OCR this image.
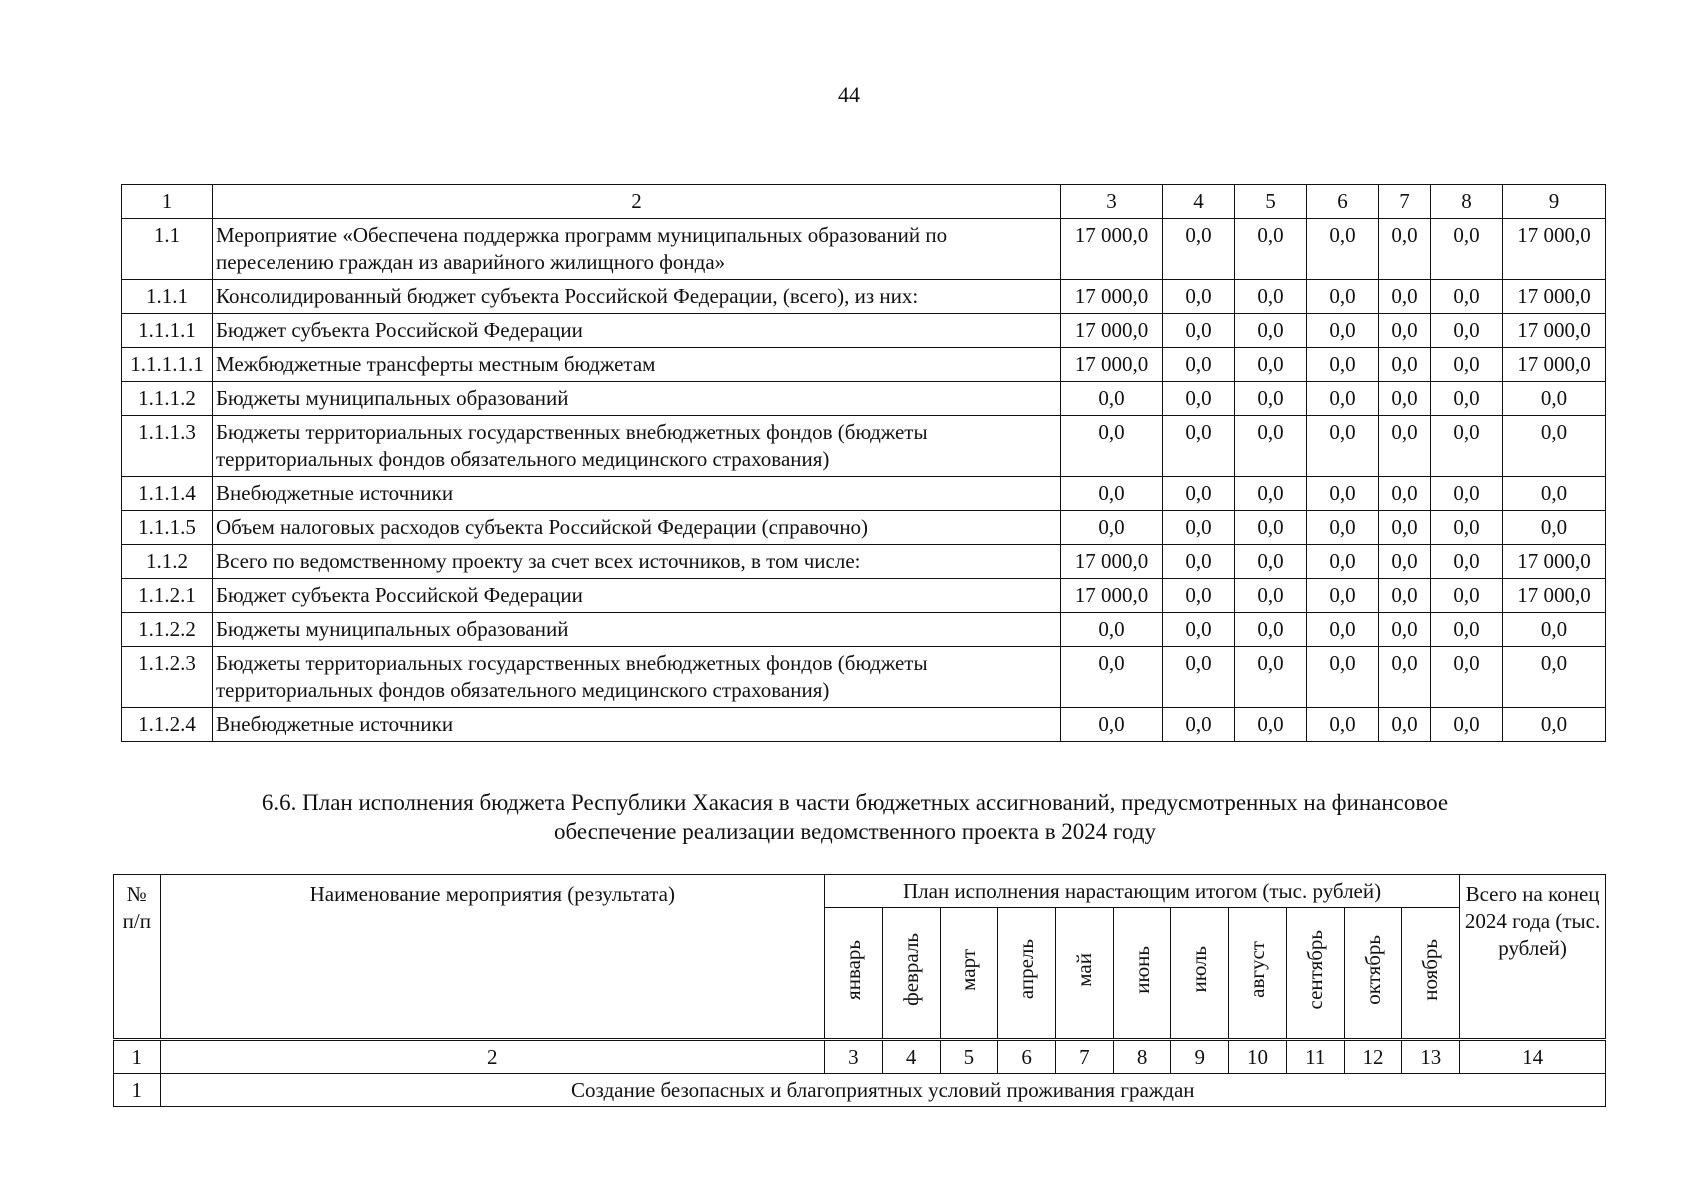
44
1	2	3	4	5	6	7	8	9
1.1	Мероприятие «Обеспечена поддержка программ муниципальных образований по переселению граждан из аварийного жилищного фонда»	17 000,0	0,0	0,0	0,0	0,0	0,0	17 000,0
1.1.1	Консолидированный бюджет субъекта Российской Федерации, (всего), из них:	17 000,0	0,0	0,0	0,0	0,0	0,0	17 000,0
1.1.1.1	Бюджет субъекта Российской Федерации	17 000,0	0,0	0,0	0,0	0,0	0,0	17 000,0
1.1.1.1.1	Межбюджетные трансферты местным бюджетам	17 000,0	0,0	0,0	0,0	0,0	0,0	17 000,0
1.1.1.2	Бюджеты муниципальных образований	0,0	0,0	0,0	0,0	0,0	0,0	0,0
1.1.1.3	Бюджеты территориальных государственных внебюджетных фондов (бюджеты территориальных фондов обязательного медицинского страхования)	0,0	0,0	0,0	0,0	0,0	0,0	0,0
1.1.1.4	Внебюджетные источники	0,0	0,0	0,0	0,0	0,0	0,0	0,0
1.1.1.5	Объем налоговых расходов субъекта Российской Федерации (справочно)	0,0	0,0	0,0	0,0	0,0	0,0	0,0
1.1.2	Всего по ведомственному проекту за счет всех источников, в том числе:	17 000,0	0,0	0,0	0,0	0,0	0,0	17 000,0
1.1.2.1	Бюджет субъекта Российской Федерации	17 000,0	0,0	0,0	0,0	0,0	0,0	17 000,0
1.1.2.2	Бюджеты муниципальных образований	0,0	0,0	0,0	0,0	0,0	0,0	0,0
1.1.2.3	Бюджеты территориальных государственных внебюджетных фондов (бюджеты территориальных фондов обязательного медицинского страхования)	0,0	0,0	0,0	0,0	0,0	0,0	0,0
1.1.2.4	Внебюджетные источники	0,0	0,0	0,0	0,0	0,0	0,0	0,0
6.6. План исполнения бюджета Республики Хакасия в части бюджетных ассигнований, предусмотренных на финансовое
обеспечение реализации ведомственного проекта в 2024 году
№ п/п	Наименование мероприятия (результата)	План исполнения нарастающим итогом (тыс. рублей)											Всего на конец 2024 года (тыс. рублей)
		январь	февраль	март	апрель	май	июнь	июль	август	сентябрь	октябрь	ноябрь	
1	2	3	4	5	6	7	8	9	10	11	12	13	14
1	Создание безопасных и благоприятных условий проживания граждан												
